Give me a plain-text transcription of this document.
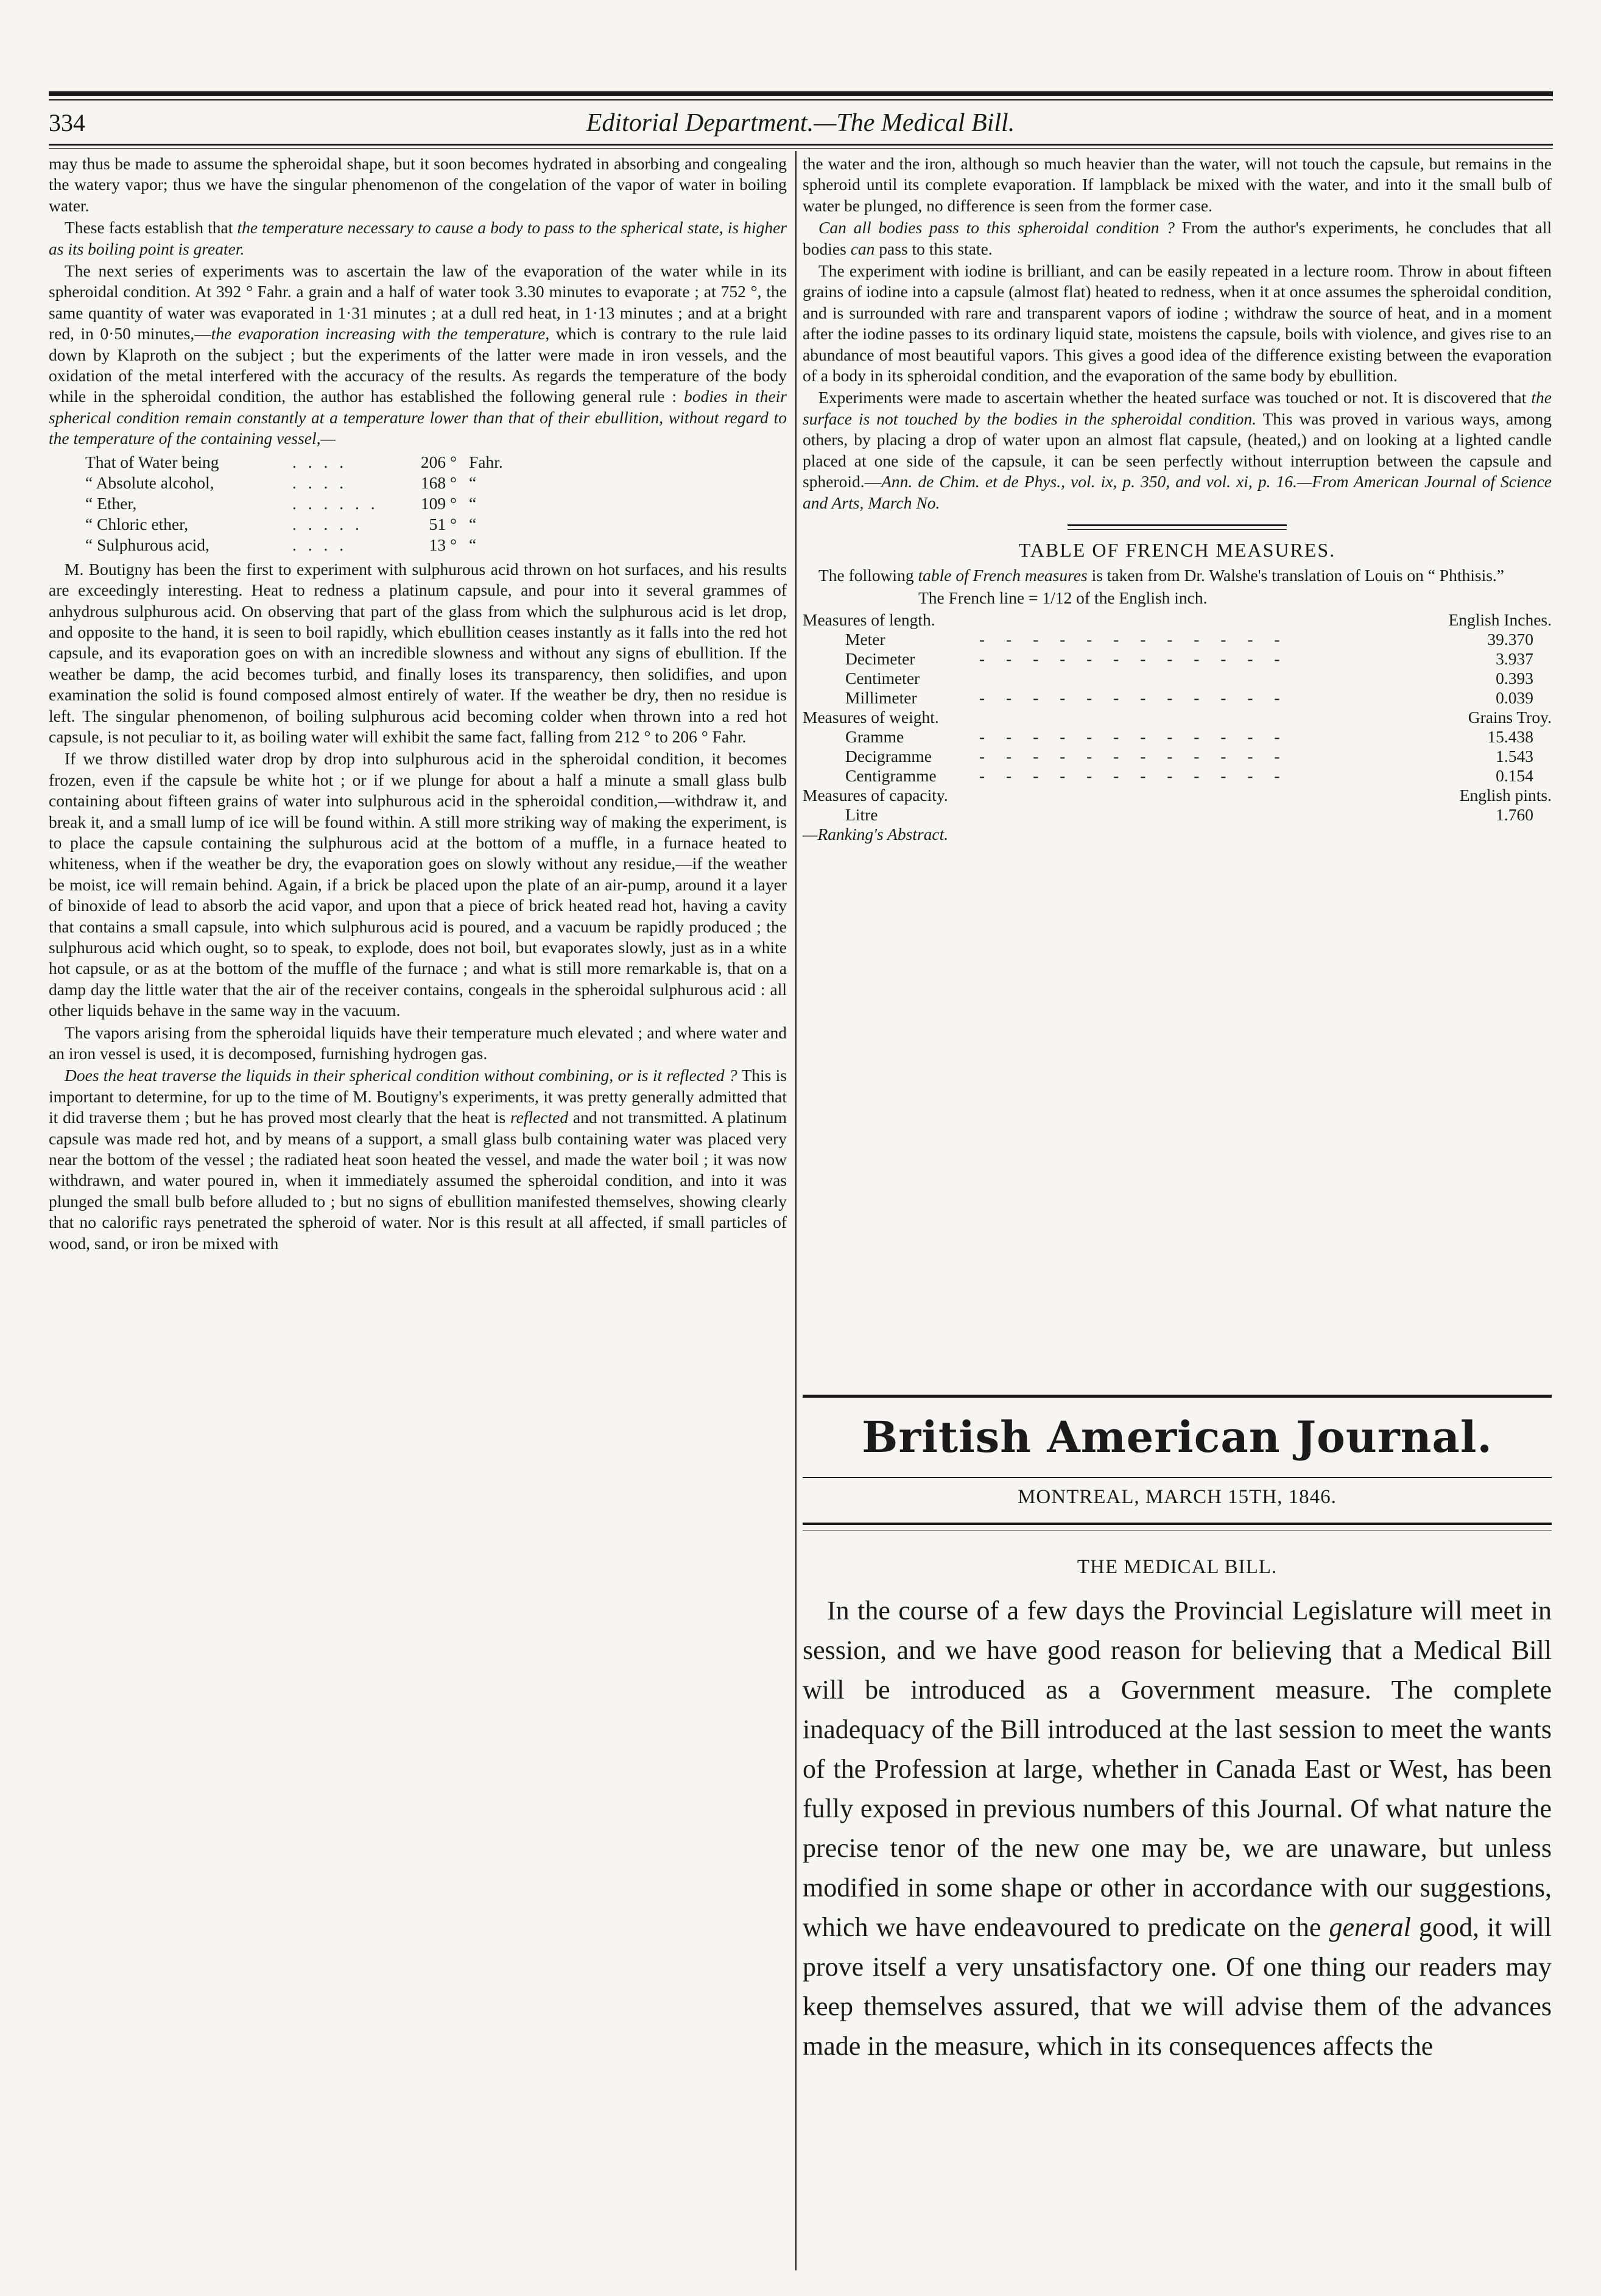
334	Editorial Department.—The Medical Bill.

may thus be made to assume the spheroidal shape, but it soon becomes hydrated in absorbing and congealing the watery vapor; thus we have the singular phenomenon of the congelation of the vapor of water in boiling water.

These facts establish that the temperature necessary to cause a body to pass to the spherical state, is higher as its boiling point is greater.

The next series of experiments was to ascertain the law of the evaporation of the water while in its spheroidal condition. At 392 ° Fahr. a grain and a half of water took 3.30 minutes to evaporate ; at 752 °, the same quantity of water was evaporated in 1·31 minutes ; at a dull red heat, in 1·13 minutes ; and at a bright red, in 0·50 minutes,—the evaporation increasing with the temperature, which is contrary to the rule laid down by Klaproth on the subject ; but the experiments of the latter were made in iron vessels, and the oxidation of the metal interfered with the accuracy of the results. As regards the temperature of the body while in the spheroidal condition, the author has established the following general rule : bodies in their spherical condition remain constantly at a temperature lower than that of their ebullition, without regard to the temperature of the containing vessel,—

That of Water being	. . . .	206 ° Fahr.
“ Absolute alcohol,	. . . .	168 ° “
“ Ether,	. . . . . .	109 ° “
“ Chloric ether,	. . . . .	51 ° “
“ Sulphurous acid,	. . . .	13 ° “

M. Boutigny has been the first to experiment with sulphurous acid thrown on hot surfaces, and his results are exceedingly interesting. Heat to redness a platinum capsule, and pour into it several grammes of anhydrous sulphurous acid. On observing that part of the glass from which the sulphurous acid is let drop, and opposite to the hand, it is seen to boil rapidly, which ebullition ceases instantly as it falls into the red hot capsule, and its evaporation goes on with an incredible slowness and without any signs of ebullition. If the weather be damp, the acid becomes turbid, and finally loses its transparency, then solidifies, and upon examination the solid is found composed almost entirely of water. If the weather be dry, then no residue is left. The singular phenomenon, of boiling sulphurous acid becoming colder when thrown into a red hot capsule, is not peculiar to it, as boiling water will exhibit the same fact, falling from 212 ° to 206 ° Fahr.

If we throw distilled water drop by drop into sulphurous acid in the spheroidal condition, it becomes frozen, even if the capsule be white hot ; or if we plunge for about a half a minute a small glass bulb containing about fifteen grains of water into sulphurous acid in the spheroidal condition,—withdraw it, and break it, and a small lump of ice will be found within. A still more striking way of making the experiment, is to place the capsule containing the sulphurous acid at the bottom of a muffle, in a furnace heated to whiteness, when if the weather be dry, the evaporation goes on slowly without any residue,—if the weather be moist, ice will remain behind. Again, if a brick be placed upon the plate of an air-pump, around it a layer of binoxide of lead to absorb the acid vapor, and upon that a piece of brick heated read hot, having a cavity that contains a small capsule, into which sulphurous acid is poured, and a vacuum be rapidly produced ; the sulphurous acid which ought, so to speak, to explode, does not boil, but evaporates slowly, just as in a white hot capsule, or as at the bottom of the muffle of the furnace ; and what is still more remarkable is, that on a damp day the little water that the air of the receiver contains, congeals in the spheroidal sulphurous acid : all other liquids behave in the same way in the vacuum.

The vapors arising from the spheroidal liquids have their temperature much elevated ; and where water and an iron vessel is used, it is decomposed, furnishing hydrogen gas.

Does the heat traverse the liquids in their spherical condition without combining, or is it reflected ? This is important to determine, for up to the time of M. Boutigny's experiments, it was pretty generally admitted that it did traverse them ; but he has proved most clearly that the heat is reflected and not transmitted. A platinum capsule was made red hot, and by means of a support, a small glass bulb containing water was placed very near the bottom of the vessel ; the radiated heat soon heated the vessel, and made the water boil ; it was now withdrawn, and water poured in, when it immediately assumed the spheroidal condition, and into it was plunged the small bulb before alluded to ; but no signs of ebullition manifested themselves, showing clearly that no calorific rays penetrated the spheroid of water. Nor is this result at all affected, if small particles of wood, sand, or iron be mixed with

the water and the iron, although so much heavier than the water, will not touch the capsule, but remains in the spheroid until its complete evaporation. If lampblack be mixed with the water, and into it the small bulb of water be plunged, no difference is seen from the former case.

Can all bodies pass to this spheroidal condition ? From the author's experiments, he concludes that all bodies can pass to this state.

The experiment with iodine is brilliant, and can be easily repeated in a lecture room. Throw in about fifteen grains of iodine into a capsule (almost flat) heated to redness, when it at once assumes the spheroidal condition, and is surrounded with rare and transparent vapors of iodine ; withdraw the source of heat, and in a moment after the iodine passes to its ordinary liquid state, moistens the capsule, boils with violence, and gives rise to an abundance of most beautiful vapors. This gives a good idea of the difference existing between the evaporation of a body in its spheroidal condition, and the evaporation of the same body by ebullition.

Experiments were made to ascertain whether the heated surface was touched or not. It is discovered that the surface is not touched by the bodies in the spheroidal condition. This was proved in various ways, among others, by placing a drop of water upon an almost flat capsule, (heated,) and on looking at a lighted candle placed at one side of the capsule, it can be seen perfectly without interruption between the capsule and spheroid.—Ann. de Chim. et de Phys., vol. ix, p. 350, and vol. xi, p. 16.—From American Journal of Science and Arts, March No.

TABLE OF FRENCH MEASURES.

The following table of French measures is taken from Dr. Walshe's translation of Louis on “ Phthisis.”

The French line = 1/12 of the English inch.

Measures of length.	English Inches.
Meter	- - - - - - - - - - - -	39.370
Decimeter	- - - - - - - - - - - -	3.937
Centimeter	0.393
Millimeter	- - - - - - - - - - - -	0.039
Measures of weight.	Grains Troy.
Gramme	- - - - - - - - - - - -	15.438
Decigramme	- - - - - - - - - - - -	1.543
Centigramme	- - - - - - - - - - - -	0.154
Measures of capacity.	English pints.
Litre	1.760
—Ranking's Abstract.
British American Journal.
MONTREAL, MARCH 15TH, 1846.
THE MEDICAL BILL.

In the course of a few days the Provincial Legislature will meet in session, and we have good reason for believing that a Medical Bill will be introduced as a Government measure. The complete inadequacy of the Bill introduced at the last session to meet the wants of the Profession at large, whether in Canada East or West, has been fully exposed in previous numbers of this Journal. Of what nature the precise tenor of the new one may be, we are unaware, but unless modified in some shape or other in accordance with our suggestions, which we have endeavoured to predicate on the general good, it will prove itself a very unsatisfactory one. Of one thing our readers may keep themselves assured, that we will advise them of the advances made in the measure, which in its consequences affects the
